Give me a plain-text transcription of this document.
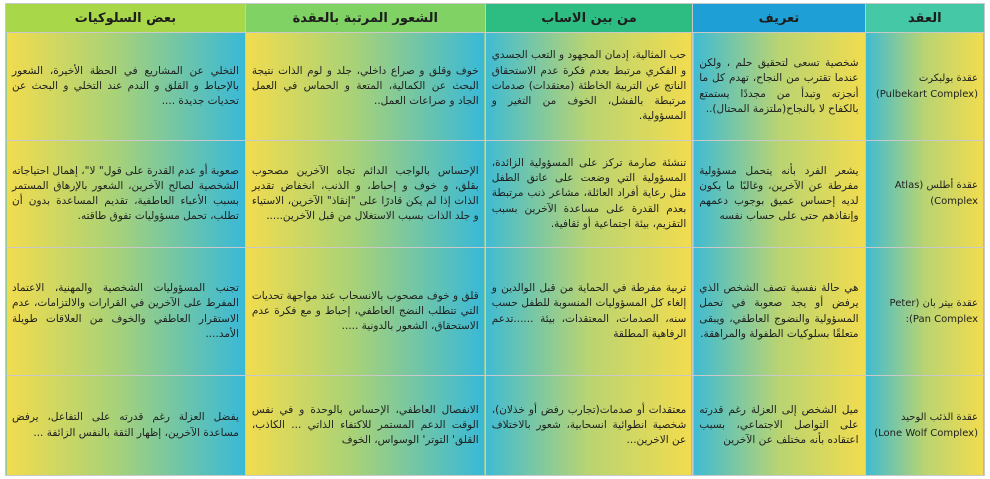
العقد	تعريف	من بين الاساب	الشعور المرتبة بالعقدة	بعض السلوكيات
عقدة بولبكرت (Pulbekart Complex)	شخصية تسعى لتحقيق حلم ، ولكن عندما تقترب من النجاح، تهدم كل ما أنجزته وتبدأ من مجددًا يستمتع بالكفاح لا بالنجاح(ملتزمة المحتال)..	حب المثالية، إدمان المجهود و التعب الجسدي و الفكري مرتبط بعدم فكرة عدم الاستحقاق الناتج عن التربية الخاطئة (معتقدات) صدمات مرتبطة بالفشل، الخوف من التغير و المسؤولية.	خوف وقلق و صراع داخلي، جلد و لوم الذات نتيجة البحث عن الكمالية، المتعة و الحماس في العمل الجاد و صراعات العمل..	التخلي عن المشاريع في الحظة الأخيرة، الشعور بالإحباط و القلق و الندم عند التخلي و البحث عن تحديات جديدة ....
عقدة أطلس (Atlas Complex)	يشعر الفرد بأنه يتحمل مسؤولية مفرطة عن الآخرين، وغالبًا ما يكون لديه إحساس عميق بوجوب دعمهم وإنقاذهم حتى على حساب نفسه	تنشئة صارمة تركز على المسؤولية الزائدة، المسؤولية التي وضعت على عاتق الطفل مثل رعاية أفراد العائلة، مشاعر ذنب مرتبطة بعدم القدرة على مساعدة الآخرين بسبب التقزيم، بيئة اجتماعية أو ثقافية.	الإحساس بالواجب الدائم تجاه الآخرين مصحوب بقلق، و خوف و إحباط، و الذنب، انخفاض تقدير الذات إذا لم يكن قادرًا على "إنقاذ" الآخرين، الاستياء و جلد الذات بسبب الاستغلال من قبل الآخرين.....	صعوبة أو عدم القدرة على قول" لا"، إهمال احتياجاته الشخصية لصالح الآخرين، الشعور بالإرهاق المستمر بسبب الأعباء العاطفية، تقديم المساعدة بدون أن تطلب، تحمل مسؤوليات تفوق طاقته.
عقدة بيتر بان (Peter Pan Complex):	هي حالة نفسية تصف الشخص الذي يرفض أو يجد صعوبة في تحمل المسؤولية والنضوج العاطفي، ويبقى متعلقًا بسلوكيات الطفولة والمراهقة.	تربية مفرطة في الحماية من قبل الوالدين و إلغاء كل المسؤوليات المنسوبة للطفل حسب سنه، الصدمات، المعتقدات، بيئة ......تدعم الرفاهية المطلقة	قلق و خوف مصحوب بالانسحاب عند مواجهة تحديات التي تتطلب النضج العاطفي، إحباط و مع فكرة عدم الاستحقاق، الشعور بالدونية .....	تجنب المسؤوليات الشخصية والمهنية، الاعتماد المفرط على الآخرين في القرارات والالتزامات، عدم الاستقرار العاطفي والخوف من العلاقات طويلة الأمد....
عقدة الذئب الوحيد (Lone Wolf Complex)	ميل الشخص إلى العزلة رغم قدرته على التواصل الاجتماعي، بسبب اعتقاده بأنه مختلف عن الآخرين	معتقدات أو صدمات(تجارب رفض أو خذلان)، شخصية انطوائية انسحابية، شعور بالاختلاف عن الاخرين...	الانفصال العاطفي، الإحساس بالوحدة و في نفس الوقت الدعم المستمر للاكتفاء الذاتي ... الكاذب، القلق' التوتر' الوسواس، الخوف	يفضل العزلة رغم قدرته على التفاعل، يرفض مساعدة الآخرين، إظهار الثقة بالنفس الزائفة ...
